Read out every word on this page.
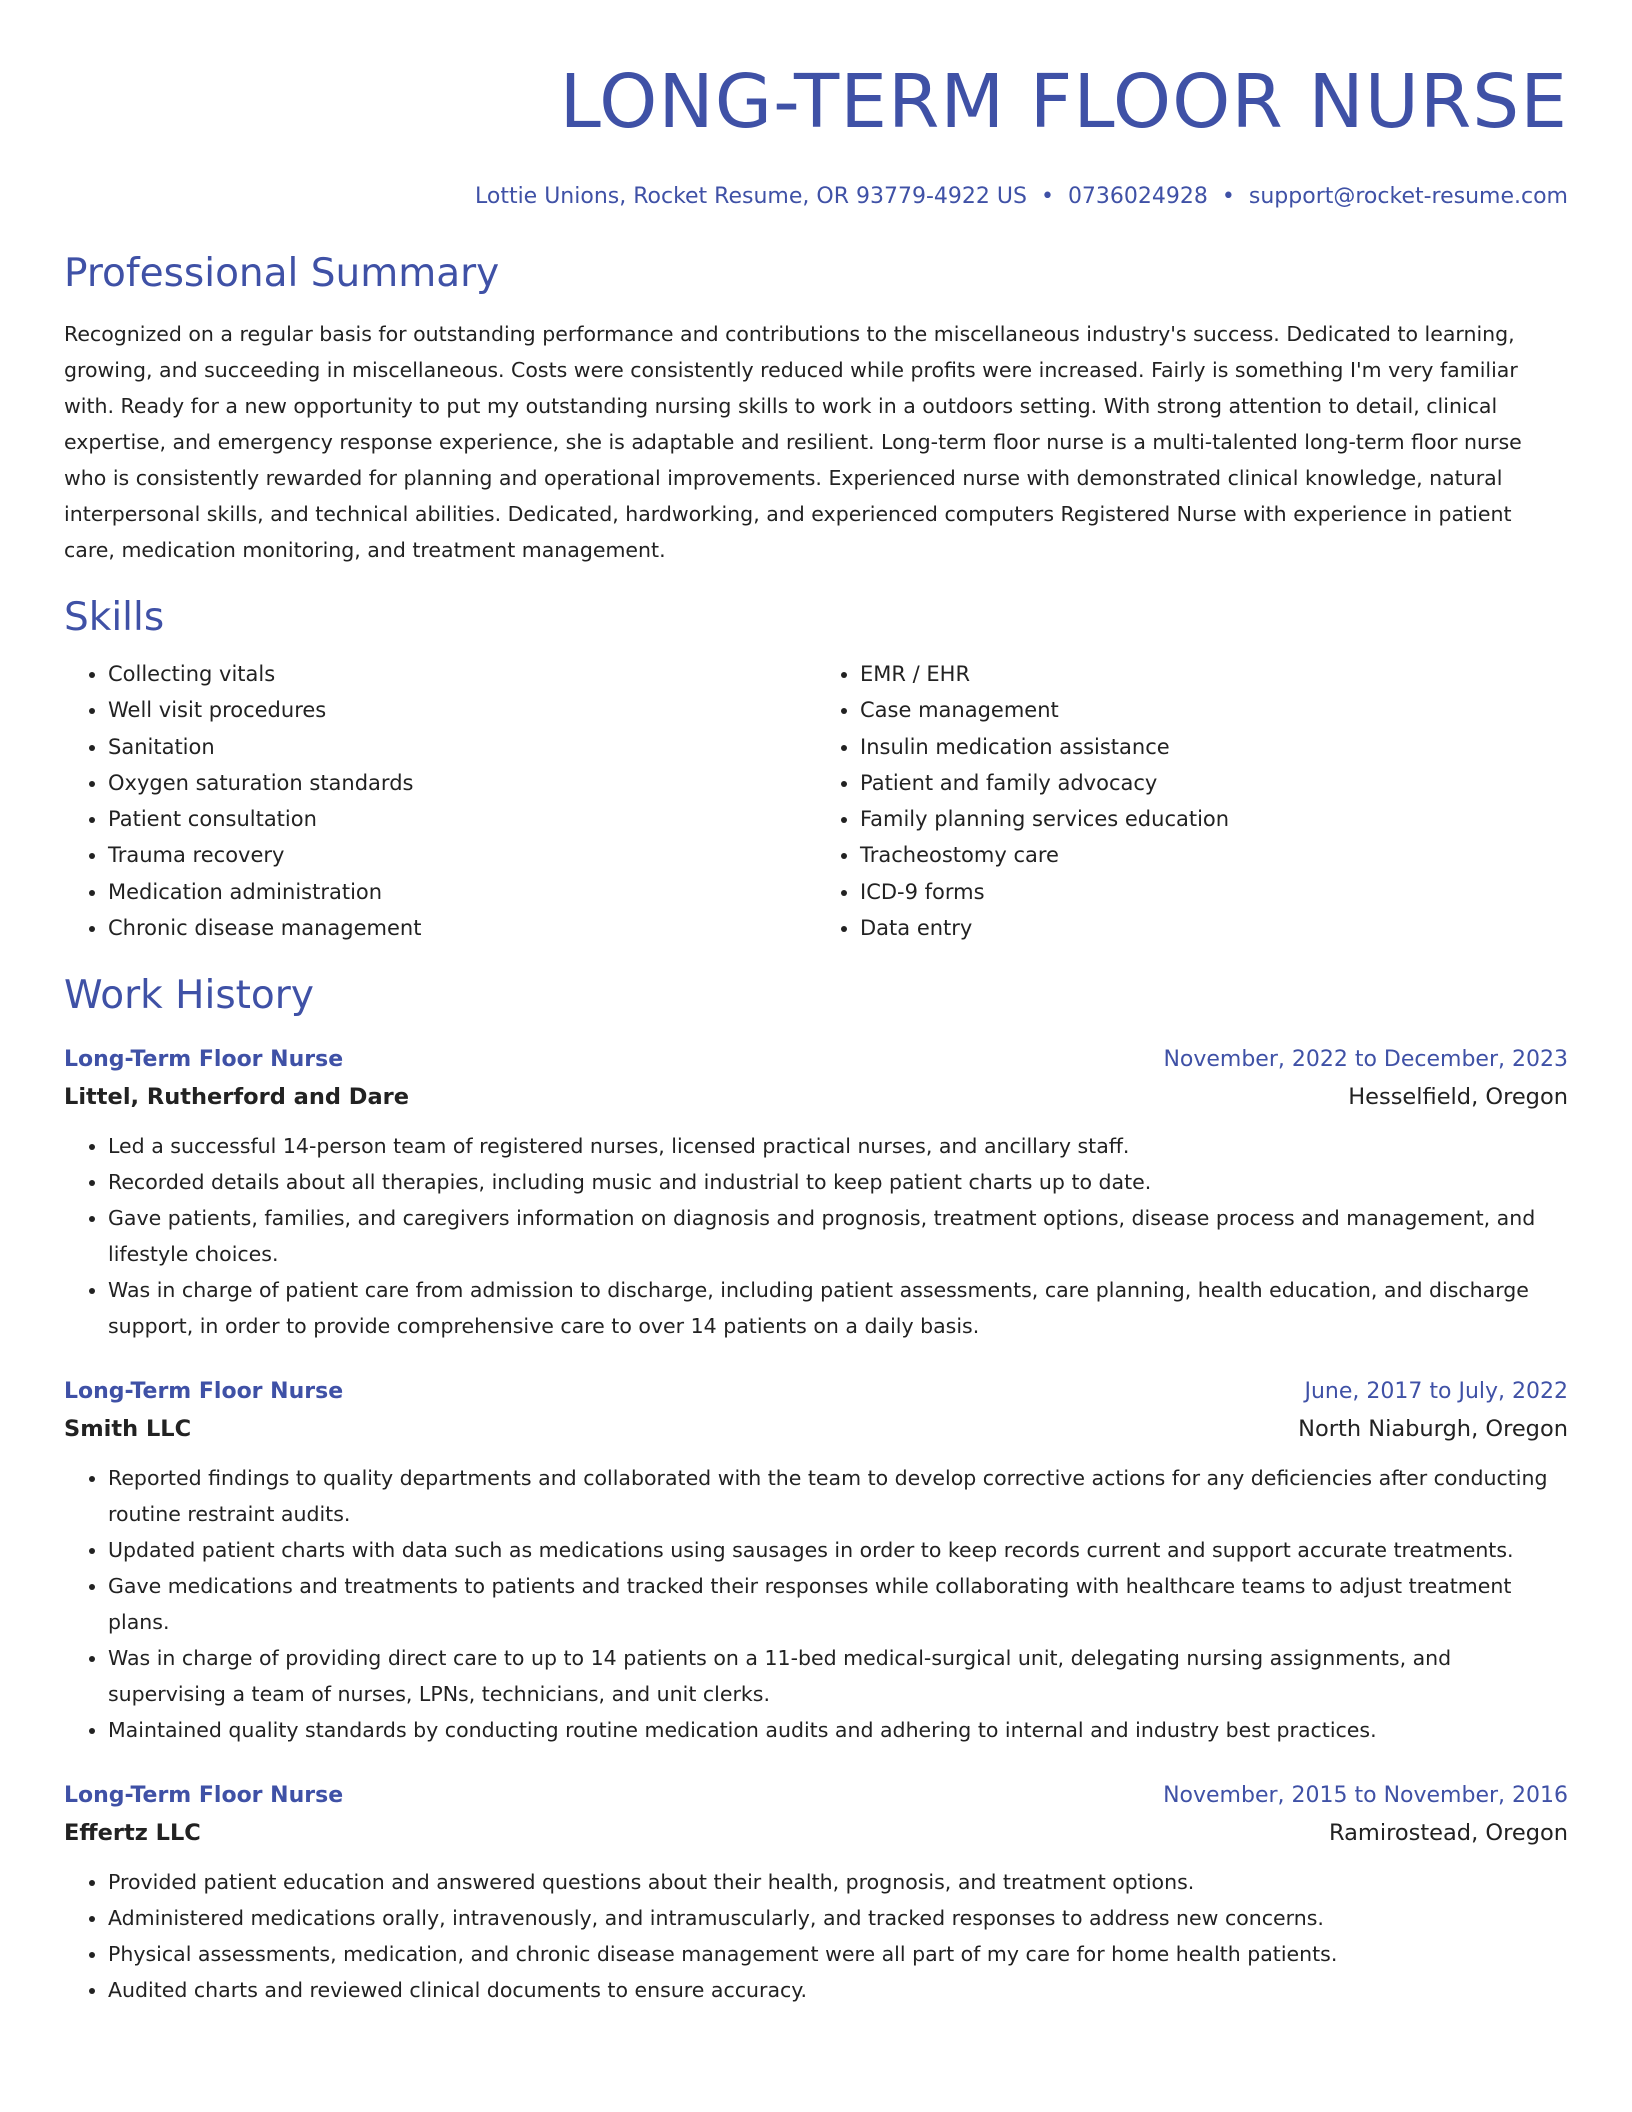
LONG-TERM FLOOR NURSE
Lottie Unions, Rocket Resume, OR 93779-4922 US • 0736024928 • support@rocket-resume.com
Professional Summary

Recognized on a regular basis for outstanding performance and contributions to the miscellaneous industry's success. Dedicated to learning, growing, and succeeding in miscellaneous. Costs were consistently reduced while profits were increased. Fairly is something I'm very familiar with. Ready for a new opportunity to put my outstanding nursing skills to work in a outdoors setting. With strong attention to detail, clinical expertise, and emergency response experience, she is adaptable and resilient. Long-term floor nurse is a multi-talented long-term floor nurse who is consistently rewarded for planning and operational improvements. Experienced nurse with demonstrated clinical knowledge, natural interpersonal skills, and technical abilities. Dedicated, hardworking, and experienced computers Registered Nurse with experience in patient care, medication monitoring, and treatment management.

Skills
• Collecting vitals
• Well visit procedures
• Sanitation
• Oxygen saturation standards
• Patient consultation
• Trauma recovery
• Medication administration
• Chronic disease management
• EMR / EHR
• Case management
• Insulin medication assistance
• Patient and family advocacy
• Family planning services education
• Tracheostomy care
• ICD-9 forms
• Data entry
Work History
Long-Term Floor Nurse	November, 2022 to December, 2023
Littel, Rutherford and Dare	Hesselfield, Oregon
• Led a successful 14-person team of registered nurses, licensed practical nurses, and ancillary staff.
• Recorded details about all therapies, including music and industrial to keep patient charts up to date.
• Gave patients, families, and caregivers information on diagnosis and prognosis, treatment options, disease process and management, and lifestyle choices.
• Was in charge of patient care from admission to discharge, including patient assessments, care planning, health education, and discharge support, in order to provide comprehensive care to over 14 patients on a daily basis.
Long-Term Floor Nurse	June, 2017 to July, 2022
Smith LLC	North Niaburgh, Oregon
• Reported findings to quality departments and collaborated with the team to develop corrective actions for any deficiencies after conducting routine restraint audits.
• Updated patient charts with data such as medications using sausages in order to keep records current and support accurate treatments.
• Gave medications and treatments to patients and tracked their responses while collaborating with healthcare teams to adjust treatment plans.
• Was in charge of providing direct care to up to 14 patients on a 11-bed medical-surgical unit, delegating nursing assignments, and supervising a team of nurses, LPNs, technicians, and unit clerks.
• Maintained quality standards by conducting routine medication audits and adhering to internal and industry best practices.
Long-Term Floor Nurse	November, 2015 to November, 2016
Effertz LLC	Ramirostead, Oregon
• Provided patient education and answered questions about their health, prognosis, and treatment options.
• Administered medications orally, intravenously, and intramuscularly, and tracked responses to address new concerns.
• Physical assessments, medication, and chronic disease management were all part of my care for home health patients.
• Audited charts and reviewed clinical documents to ensure accuracy.
